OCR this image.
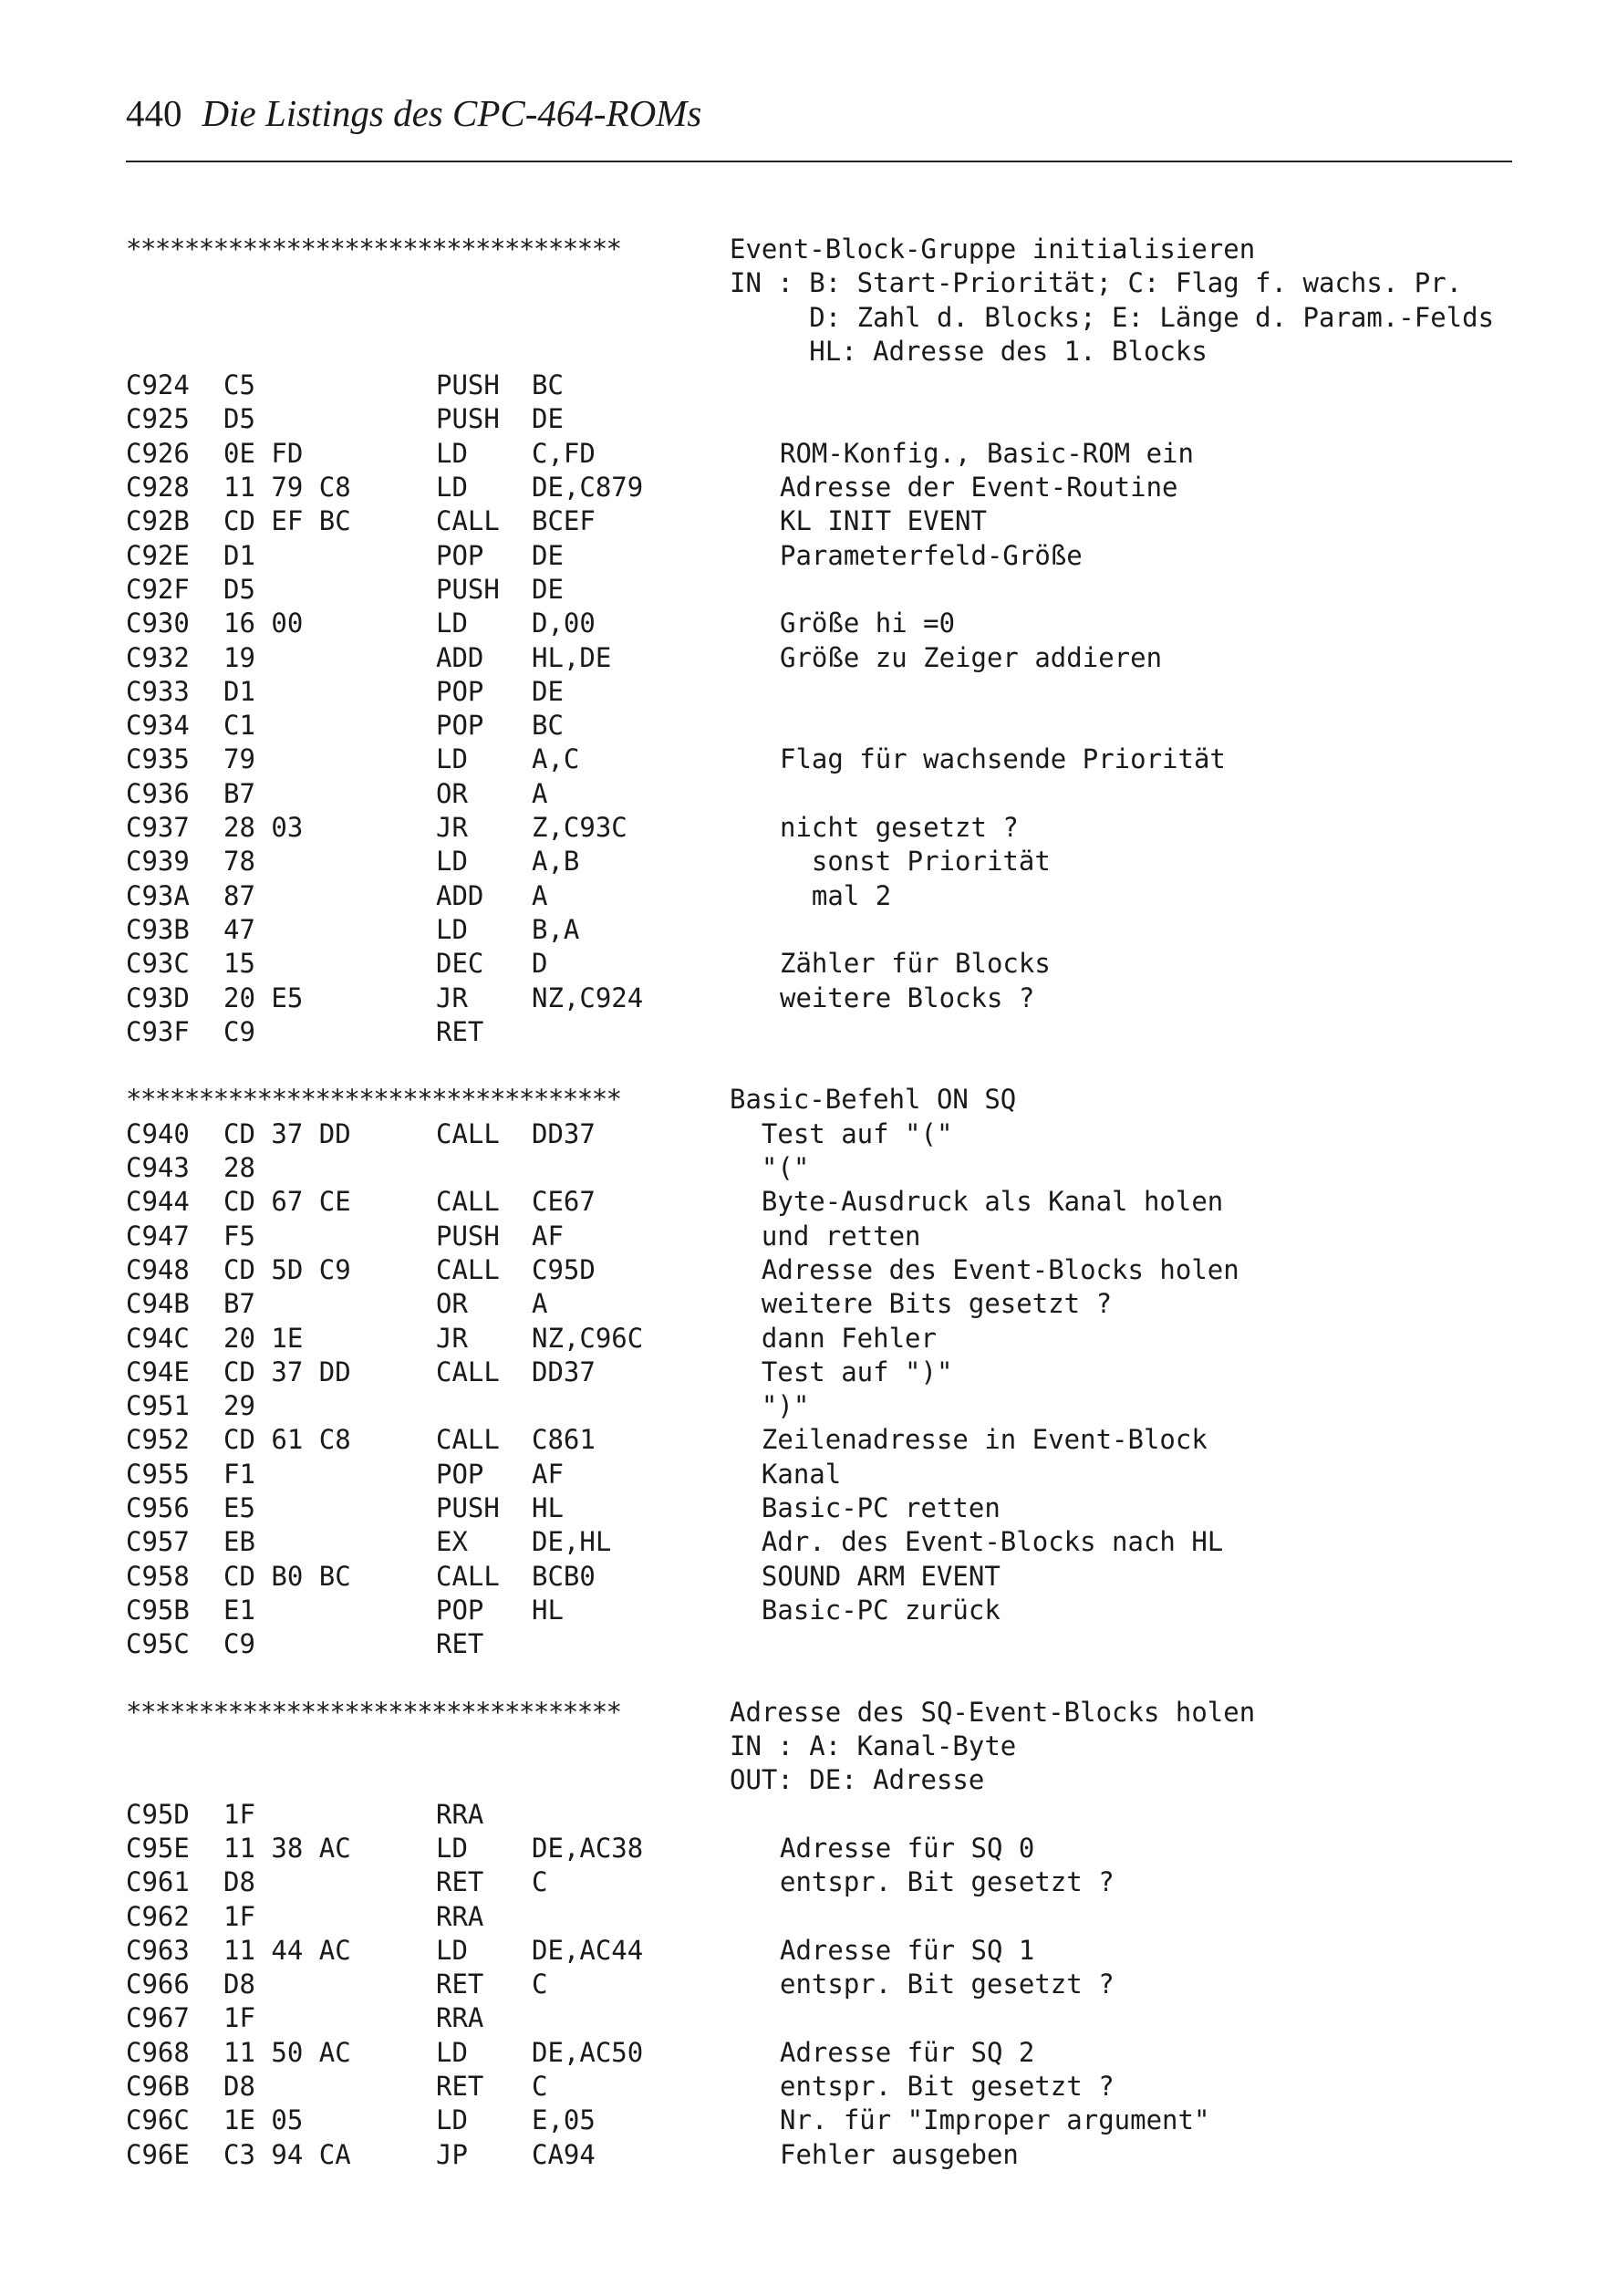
440 Die Listings des CPC-464-ROMs
**********************************	Event-Block-Gruppe initialisieren
IN : B: Start-Priorität; C: Flag f. wachs. Pr.
D: Zahl d. Blocks; E: Länge d. Param.-Felds
HL: Adresse des 1. Blocks
C924 C5	PUSH BC
C925 D5	PUSH DE
C926 0E FD	LD C,FD	ROM-Konfig., Basic-ROM ein
C928 11 79 C8	LD DE,C879	Adresse der Event-Routine
C92B CD EF BC	CALL BCEF	KL INIT EVENT
C92E D1	POP DE	Parameterfeld-Größe
C92F D5	PUSH DE
C930 16 00	LD D,00	Größe hi =0
C932 19	ADD HL,DE	Größe zu Zeiger addieren
C933 D1	POP DE
C934 C1	POP BC
C935 79	LD A,C	Flag für wachsende Priorität
C936 B7	OR A
C937 28 03	JR Z,C93C	nicht gesetzt ?
C939 78	LD A,B	sonst Priorität
C93A 87	ADD A	mal 2
C93B 47	LD B,A
C93C 15	DEC D	Zähler für Blocks
C93D 20 E5	JR NZ,C924	weitere Blocks ?
C93F C9	RET
**********************************	Basic-Befehl ON SQ
C940 CD 37 DD	CALL DD37	Test auf "("
C943 28	"("
C944 CD 67 CE	CALL CE67	Byte-Ausdruck als Kanal holen
C947 F5	PUSH AF	und retten
C948 CD 5D C9	CALL C95D	Adresse des Event-Blocks holen
C94B B7	OR A	weitere Bits gesetzt ?
C94C 20 1E	JR NZ,C96C	dann Fehler
C94E CD 37 DD	CALL DD37	Test auf ")"
C951 29	")"
C952 CD 61 C8	CALL C861	Zeilenadresse in Event-Block
C955 F1	POP AF	Kanal
C956 E5	PUSH HL	Basic-PC retten
C957 EB	EX DE,HL	Adr. des Event-Blocks nach HL
C958 CD B0 BC	CALL BCB0	SOUND ARM EVENT
C95B E1	POP HL	Basic-PC zurück
C95C C9	RET
**********************************	Adresse des SQ-Event-Blocks holen
IN : A: Kanal-Byte
OUT: DE: Adresse
C95D 1F	RRA
C95E 11 38 AC	LD DE,AC38	Adresse für SQ 0
C961 D8	RET C	entspr. Bit gesetzt ?
C962 1F	RRA
C963 11 44 AC	LD DE,AC44	Adresse für SQ 1
C966 D8	RET C	entspr. Bit gesetzt ?
C967 1F	RRA
C968 11 50 AC	LD DE,AC50	Adresse für SQ 2
C96B D8	RET C	entspr. Bit gesetzt ?
C96C 1E 05	LD E,05	Nr. für "Improper argument"
C96E C3 94 CA	JP CA94	Fehler ausgeben
